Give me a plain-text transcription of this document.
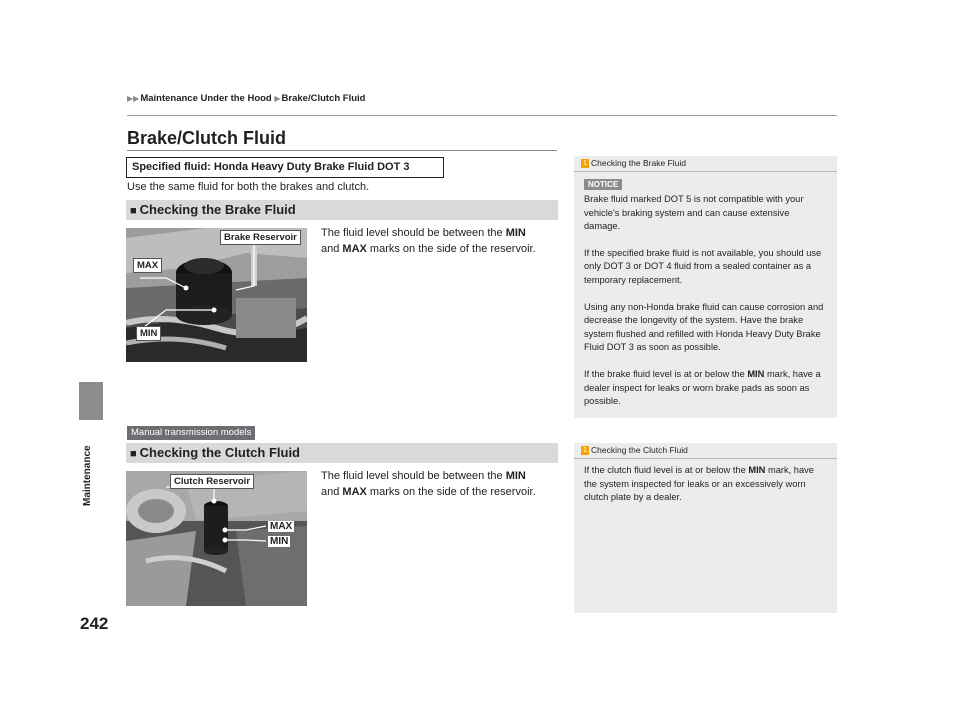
▶▶Maintenance Under the Hood ▶Brake/Clutch Fluid
Maintenance
242
Brake/Clutch Fluid
Specified fluid: Honda Heavy Duty Brake Fluid DOT 3
Use the same fluid for both the brakes and clutch.
■ Checking the Brake Fluid
Brake Reservoir
MAX
MIN
The fluid level should be between the MIN
and MAX marks on the side of the reservoir.
Manual transmission models
■ Checking the Clutch Fluid
Clutch Reservoir
MAX
MIN
The fluid level should be between the MIN
and MAX marks on the side of the reservoir.
1 Checking the Brake Fluid
NOTICE

Brake fluid marked DOT 5 is not compatible with your vehicle's braking system and can cause extensive damage.

If the specified brake fluid is not available, you should use only DOT 3 or DOT 4 fluid from a sealed container as a temporary replacement.

Using any non-Honda brake fluid can cause corrosion and decrease the longevity of the system. Have the brake system flushed and refilled with Honda Heavy Duty Brake Fluid DOT 3 as soon as possible.

If the brake fluid level is at or below the MIN mark, have a dealer inspect for leaks or worn brake pads as soon as possible.

1 Checking the Clutch Fluid

If the clutch fluid level is at or below the MIN mark, have the system inspected for leaks or an excessively worn clutch plate by a dealer.
